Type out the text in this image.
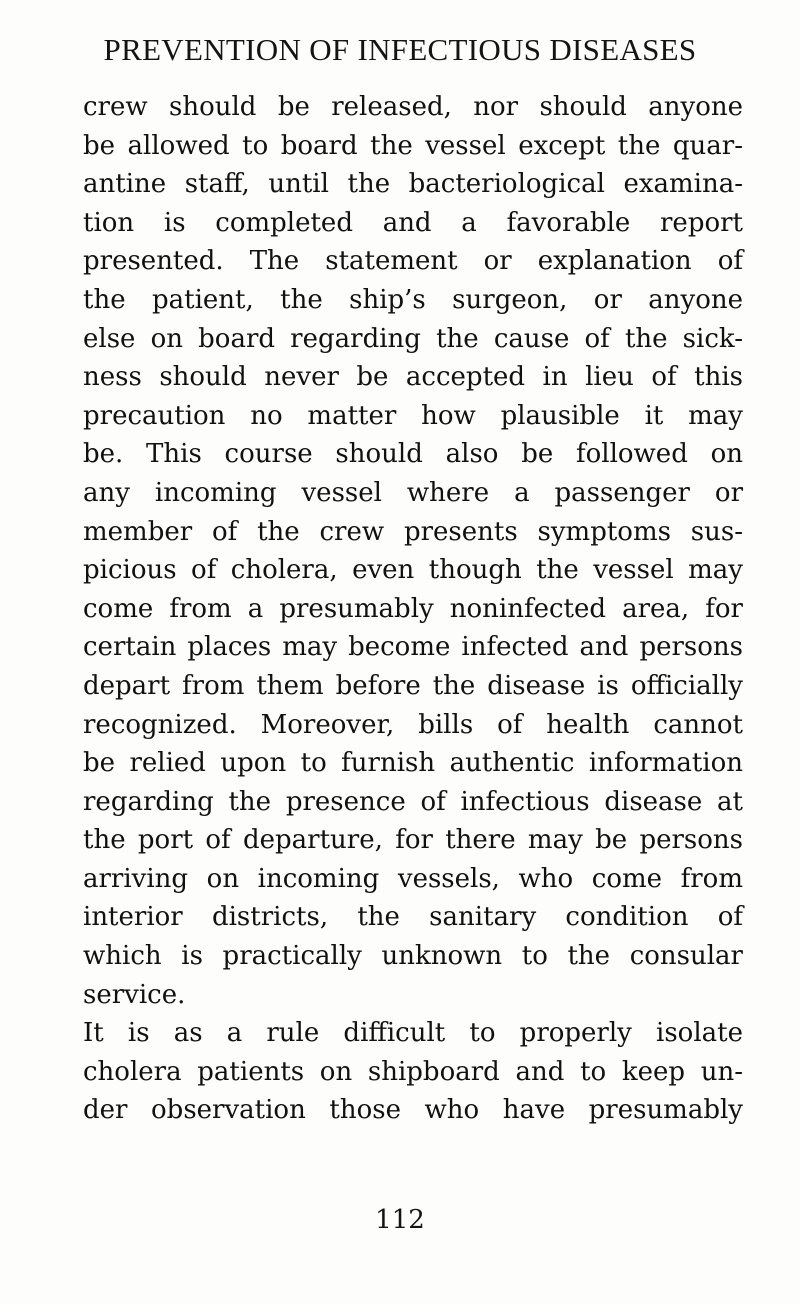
PREVENTION OF INFECTIOUS DISEASES
crew should be released, nor should anyone
be allowed to board the vessel except the quar-
antine staff, until the bacteriological examina-
tion is completed and a favorable report
presented. The statement or explanation of
the patient, the ship’s surgeon, or anyone
else on board regarding the cause of the sick-
ness should never be accepted in lieu of this
precaution no matter how plausible it may
be. This course should also be followed on
any incoming vessel where a passenger or
member of the crew presents symptoms sus-
picious of cholera, even though the vessel may
come from a presumably noninfected area, for
certain places may become infected and persons
depart from them before the disease is officially
recognized. Moreover, bills of health cannot
be relied upon to furnish authentic information
regarding the presence of infectious disease at
the port of departure, for there may be persons
arriving on incoming vessels, who come from
interior districts, the sanitary condition of
which is practically unknown to the consular
service.
It is as a rule difficult to properly isolate
cholera patients on shipboard and to keep un-
der observation those who have presumably
112
